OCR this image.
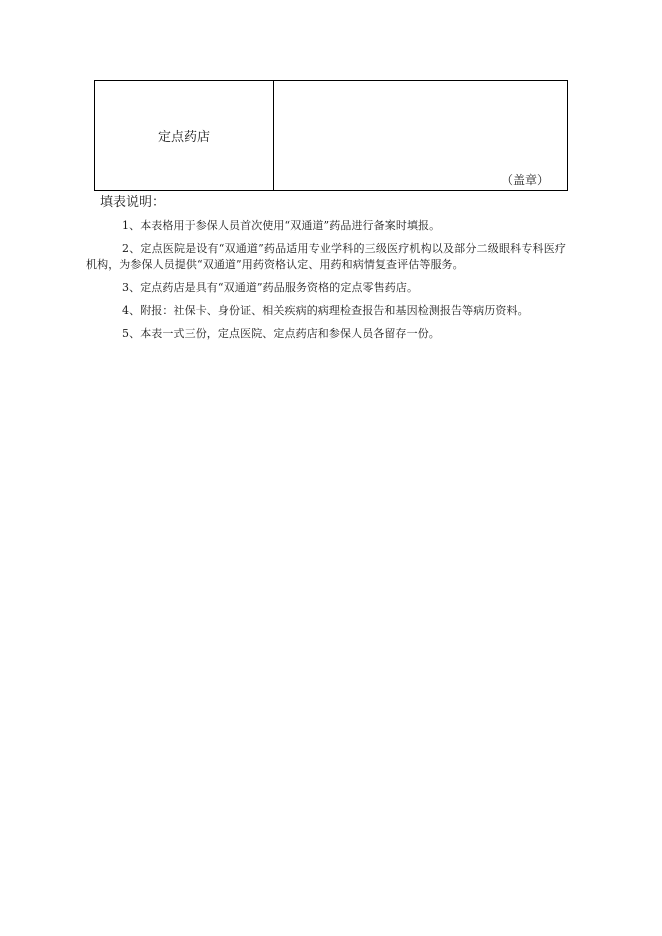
定点药店
（盖章）
填表说明：

1、本表格用于参保人员首次使用“双通道”药品进行备案时填报。

2、定点医院是设有“双通道”药品适用专业学科的三级医疗机构以及部分二级眼科专科医疗机构，为参保人员提供“双通道”用药资格认定、用药和病情复查评估等服务。

3、定点药店是具有“双通道”药品服务资格的定点零售药店。

4、附报：社保卡、身份证、相关疾病的病理检查报告和基因检测报告等病历资料。

5、本表一式三份，定点医院、定点药店和参保人员各留存一份。
